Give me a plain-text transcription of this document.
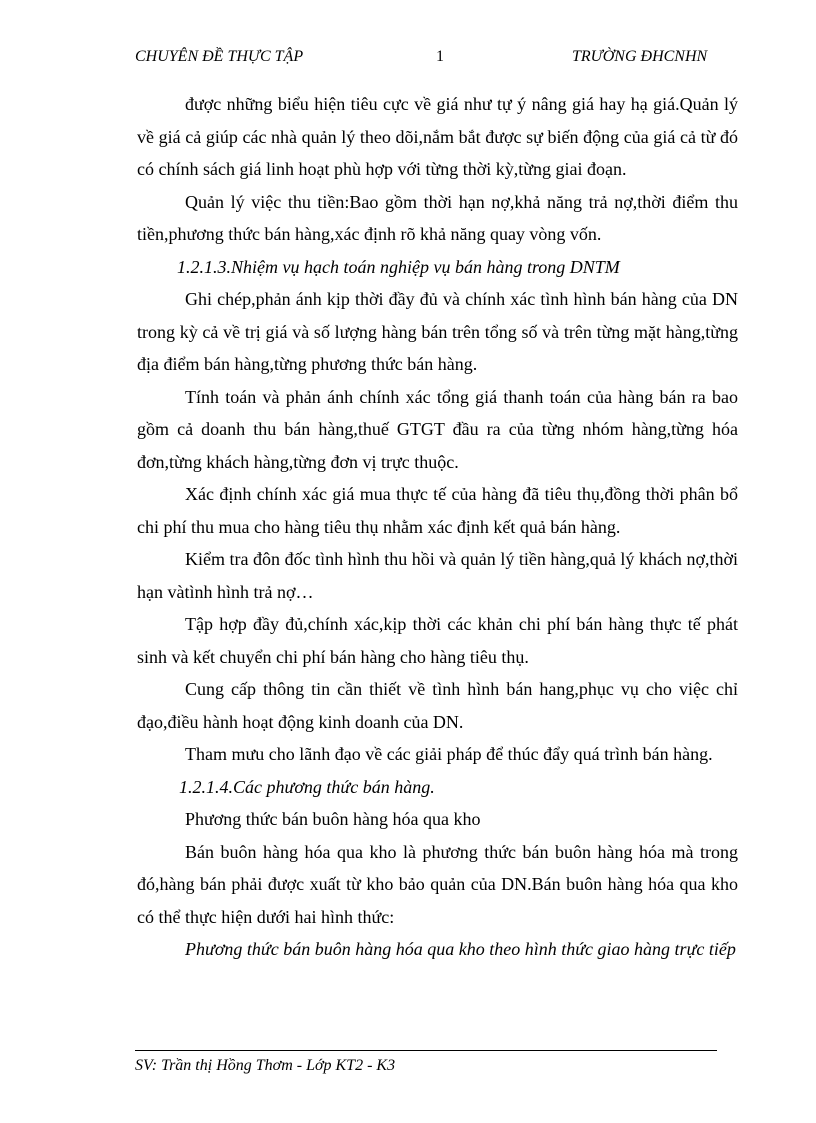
CHUYÊN ĐỀ THỰC TẬP	1	TRƯỜNG ĐHCNHN

được những biểu hiện tiêu cực về giá như tự ý nâng giá hay hạ giá.Quản lý về giá cả giúp các nhà quản lý theo dõi,nắm bắt được sự biến động của giá cả từ đó có chính sách giá linh hoạt phù hợp với từng thời kỳ,từng giai đoạn.

Quản lý việc thu tiền:Bao gồm thời hạn nợ,khả năng trả nợ,thời điểm thu tiền,phương thức bán hàng,xác định rõ khả năng quay vòng vốn.

1.2.1.3.Nhiệm vụ hạch toán nghiệp vụ bán hàng trong DNTM

Ghi chép,phản ánh kịp thời đầy đủ và chính xác tình hình bán hàng của DN trong kỳ cả về trị giá và số lượng hàng bán trên tổng số và trên từng mặt hàng,từng địa điểm bán hàng,từng phương thức bán hàng.

Tính toán và phản ánh chính xác tổng giá thanh toán của hàng bán ra bao gồm cả doanh thu bán hàng,thuế GTGT đầu ra của từng nhóm hàng,từng hóa đơn,từng khách hàng,từng đơn vị trực thuộc.

Xác định chính xác giá mua thực tế của hàng đã tiêu thụ,đồng thời phân bổ chi phí thu mua cho hàng tiêu thụ nhằm xác định kết quả bán hàng.

Kiểm tra đôn đốc tình hình thu hồi và quản lý tiền hàng,quả lý khách nợ,thời hạn vàtình hình trả nợ…

Tập hợp đầy đủ,chính xác,kịp thời các khản chi phí bán hàng thực tế phát sinh và kết chuyển chi phí bán hàng cho hàng tiêu thụ.

Cung cấp thông tin cần thiết về tình hình bán hang,phục vụ cho việc chỉ đạo,điều hành hoạt động kinh doanh của DN.

Tham mưu cho lãnh đạo về các giải pháp để thúc đẩy quá trình bán hàng.

1.2.1.4.Các phương thức bán hàng.

Phương thức bán buôn hàng hóa qua kho

Bán buôn hàng hóa qua kho là phương thức bán buôn hàng hóa mà trong đó,hàng bán phải được xuất từ kho bảo quản của DN.Bán buôn hàng hóa qua kho có thể thực hiện dưới hai hình thức:

Phương thức bán buôn hàng hóa qua kho theo hình thức giao hàng trực tiếp

SV: Trần thị Hồng Thơm - Lớp KT2 - K3
